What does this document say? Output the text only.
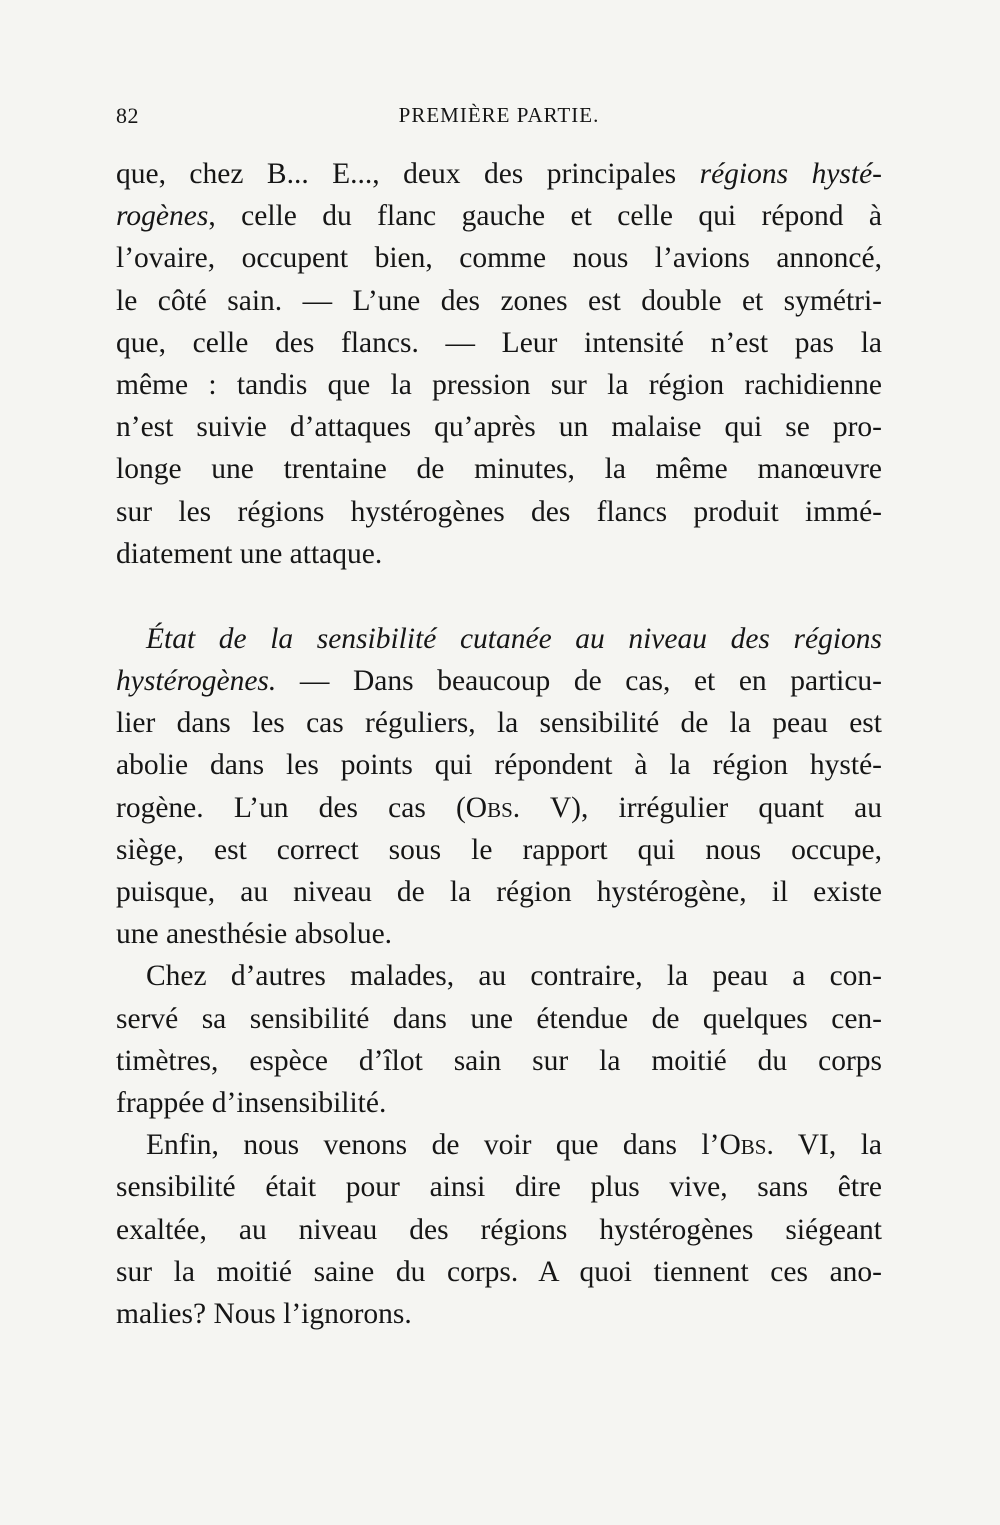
82	PREMIÈRE PARTIE.
que, chez B... E..., deux des principales régions hysté-
rogènes, celle du flanc gauche et celle qui répond à
l’ovaire, occupent bien, comme nous l’avions annoncé,
le côté sain. — L’une des zones est double et symétri-
que, celle des flancs. — Leur intensité n’est pas la
même : tandis que la pression sur la région rachidienne
n’est suivie d’attaques qu’après un malaise qui se pro-
longe une trentaine de minutes, la même manœuvre
sur les régions hystérogènes des flancs produit immé-
diatement une attaque.
État de la sensibilité cutanée au niveau des régions
hystérogènes. — Dans beaucoup de cas, et en particu-
lier dans les cas réguliers, la sensibilité de la peau est
abolie dans les points qui répondent à la région hysté-
rogène. L’un des cas (Obs. V), irrégulier quant au
siège, est correct sous le rapport qui nous occupe,
puisque, au niveau de la région hystérogène, il existe
une anesthésie absolue.
Chez d’autres malades, au contraire, la peau a con-
servé sa sensibilité dans une étendue de quelques cen-
timètres, espèce d’îlot sain sur la moitié du corps
frappée d’insensibilité.
Enfin, nous venons de voir que dans l’Obs. VI, la
sensibilité était pour ainsi dire plus vive, sans être
exaltée, au niveau des régions hystérogènes siégeant
sur la moitié saine du corps. A quoi tiennent ces ano-
malies? Nous l’ignorons.
